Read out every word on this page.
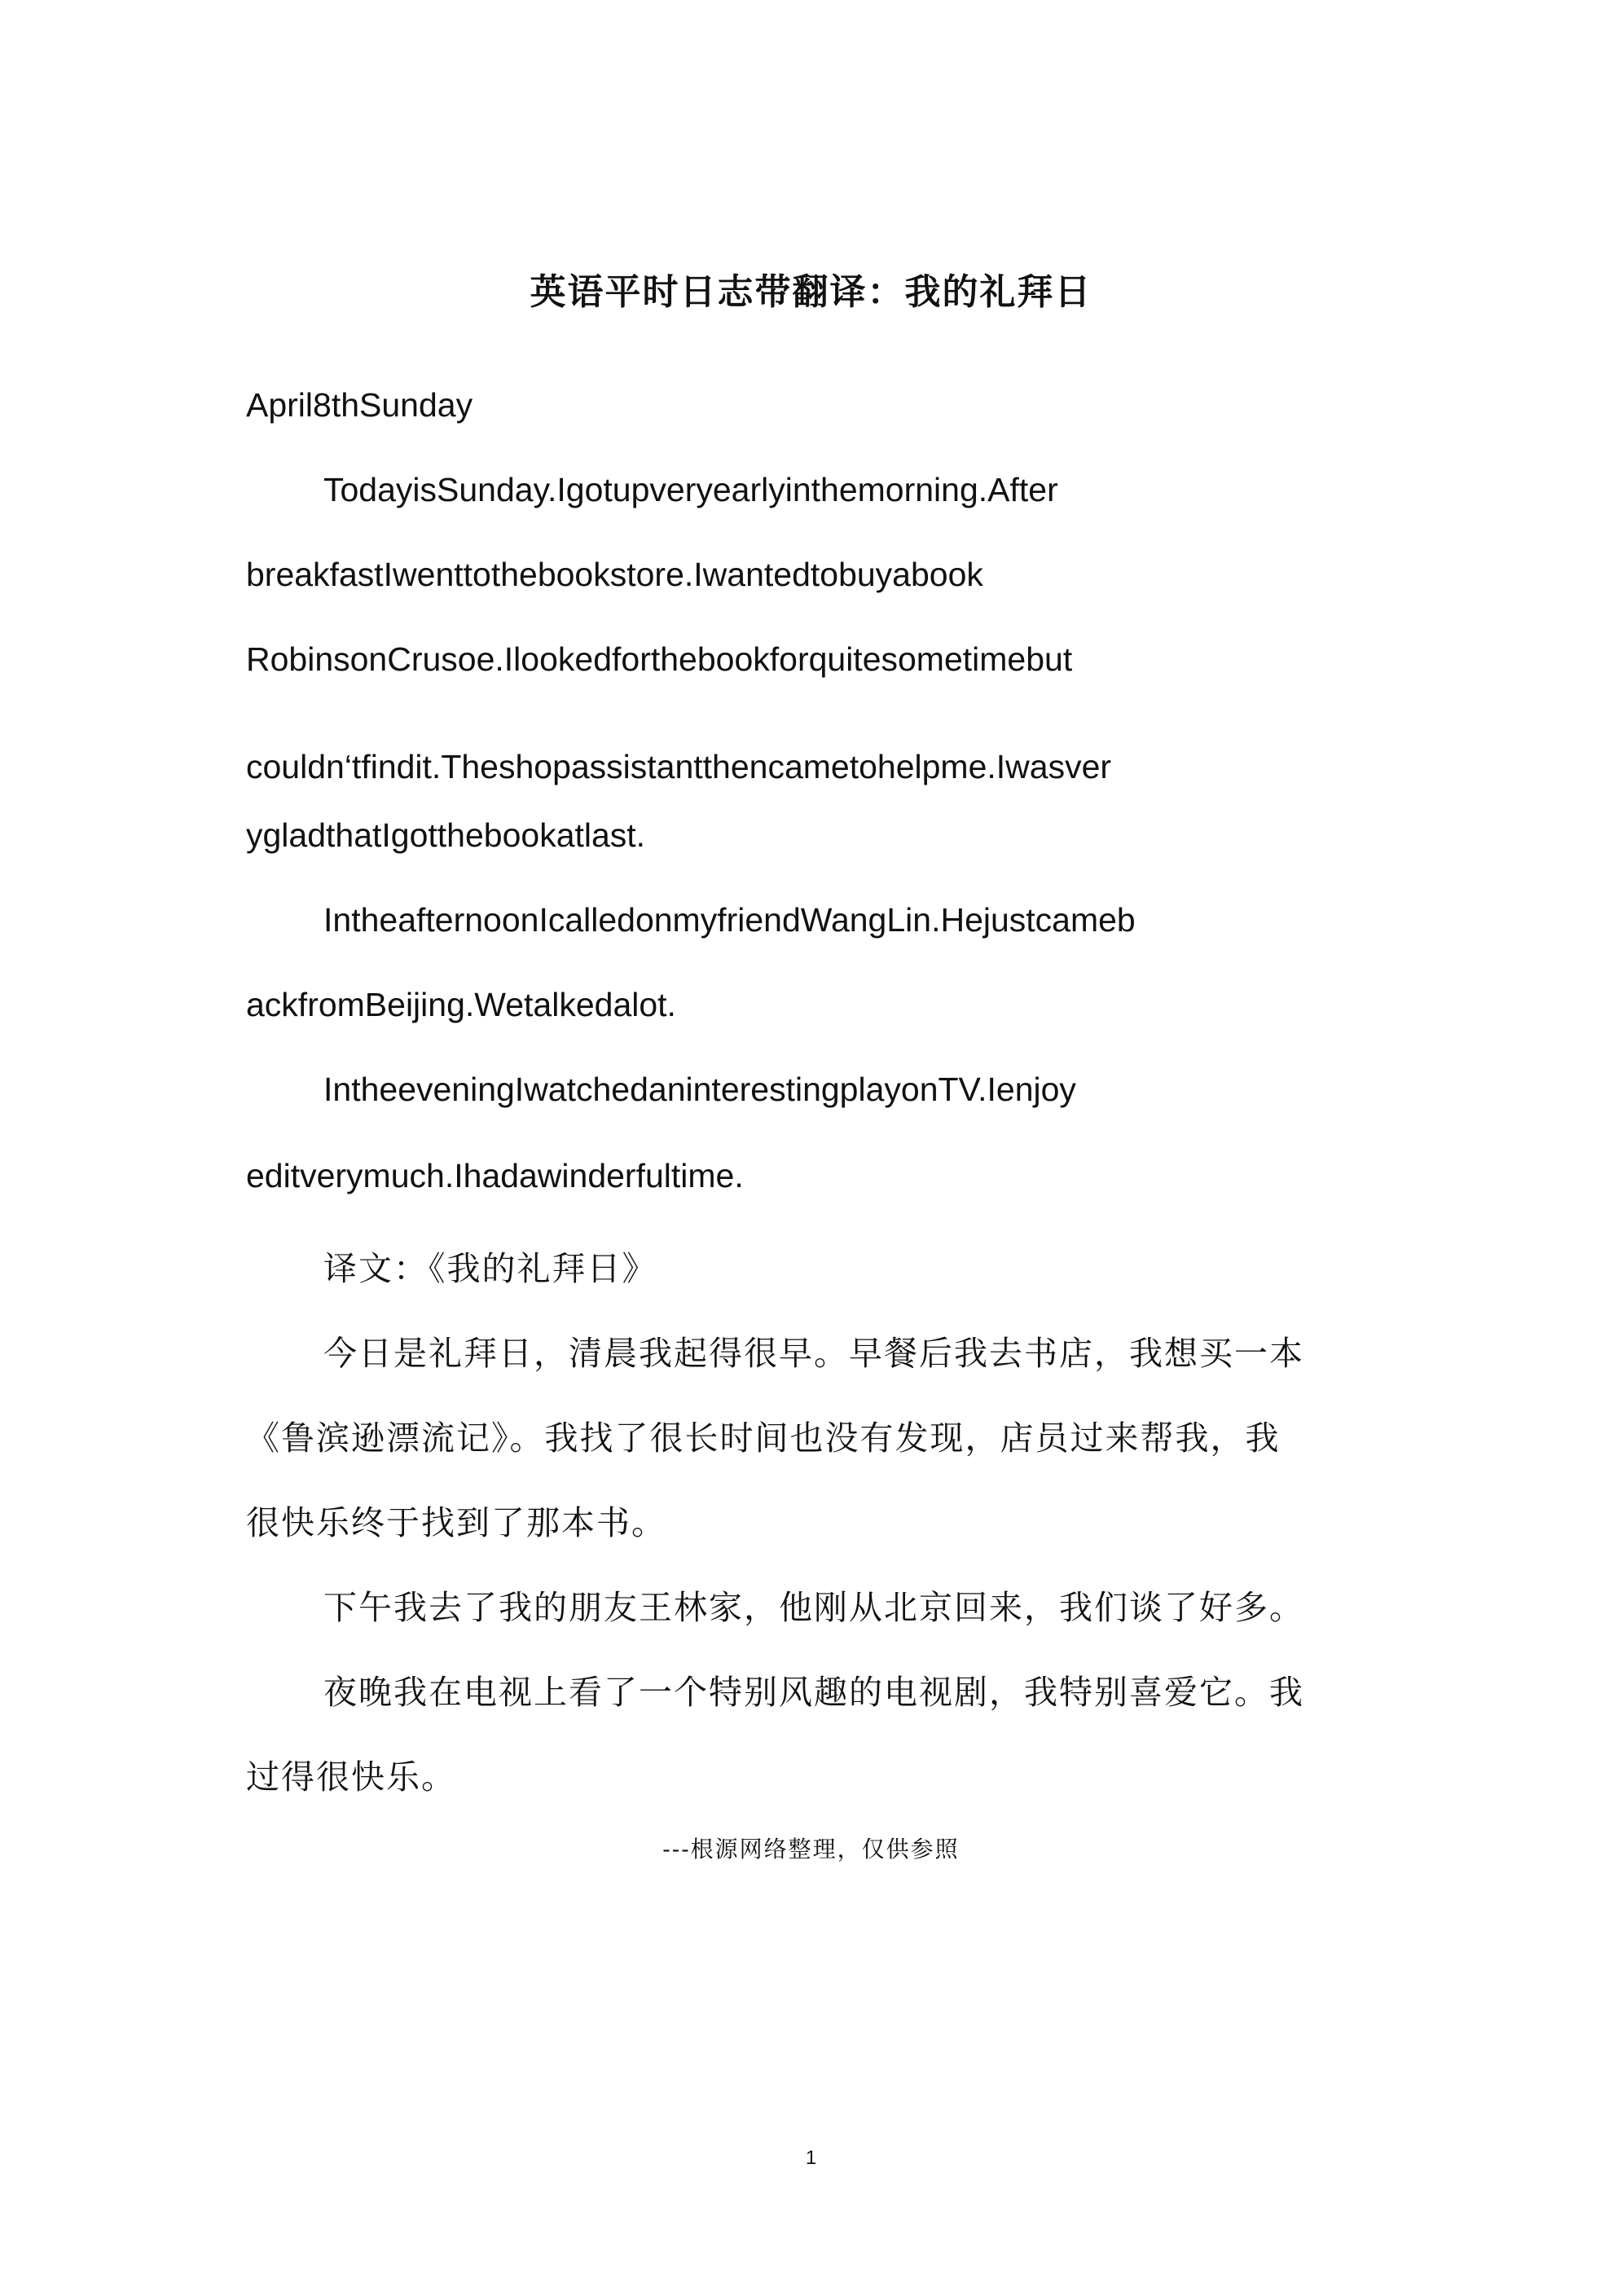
英语平时日志带翻译：我的礼拜日

April8thSunday

TodayisSunday.Igotupveryearlyinthemorning.After

breakfastIwenttothebookstore.Iwantedtobuyabook

RobinsonCrusoe.Ilookedforthebookforquitesometimebut

couldn‘tfindit.Theshopassistantthencametohelpme.Iwasver

ygladthatIgotthebookatlast.

IntheafternoonIcalledonmyfriendWangLin.Hejustcameb

ackfromBeijing.Wetalkedalot.

IntheeveningIwatchedaninterestingplayonTV.Ienjoy

editverymuch.Ihadawinderfultime.

译文：《我的礼拜日》

今日是礼拜日，清晨我起得很早。早餐后我去书店，我想买一本

《鲁滨逊漂流记》。我找了很长时间也没有发现，店员过来帮我，我

很快乐终于找到了那本书。

下午我去了我的朋友王林家，他刚从北京回来，我们谈了好多。

夜晚我在电视上看了一个特别风趣的电视剧，我特别喜爱它。我

过得很快乐。

---根源网络整理，仅供参照

1
